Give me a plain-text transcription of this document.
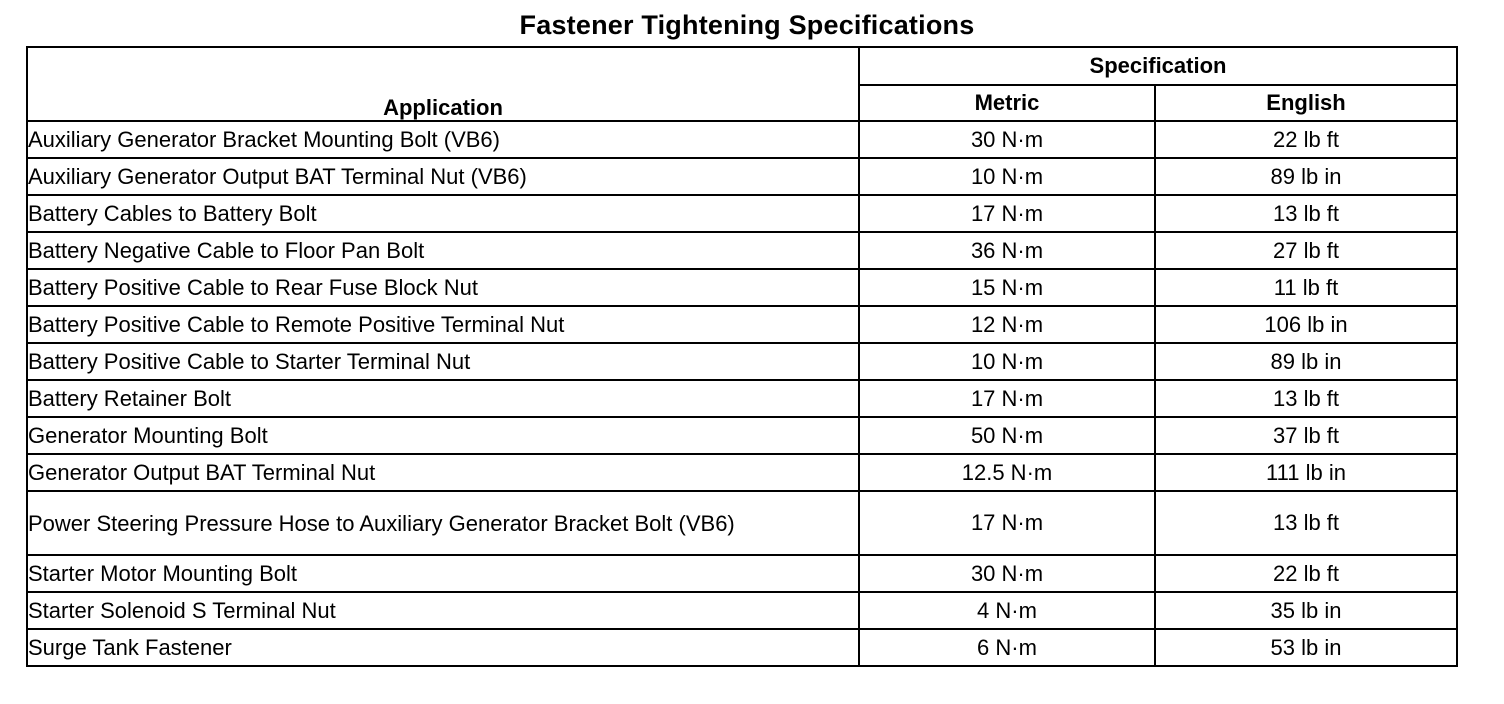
Fastener Tightening Specifications
Application	Specification	
	Metric	English
Auxiliary Generator Bracket Mounting Bolt (VB6)	30 N·m	22 lb ft
Auxiliary Generator Output BAT Terminal Nut (VB6)	10 N·m	89 lb in
Battery Cables to Battery Bolt	17 N·m	13 lb ft
Battery Negative Cable to Floor Pan Bolt	36 N·m	27 lb ft
Battery Positive Cable to Rear Fuse Block Nut	15 N·m	11 lb ft
Battery Positive Cable to Remote Positive Terminal Nut	12 N·m	106 lb in
Battery Positive Cable to Starter Terminal Nut	10 N·m	89 lb in
Battery Retainer Bolt	17 N·m	13 lb ft
Generator Mounting Bolt	50 N·m	37 lb ft
Generator Output BAT Terminal Nut	12.5 N·m	111 lb in
Power Steering Pressure Hose to Auxiliary Generator Bracket Bolt (VB6)	17 N·m	13 lb ft
Starter Motor Mounting Bolt	30 N·m	22 lb ft
Starter Solenoid S Terminal Nut	4 N·m	35 lb in
Surge Tank Fastener	6 N·m	53 lb in
